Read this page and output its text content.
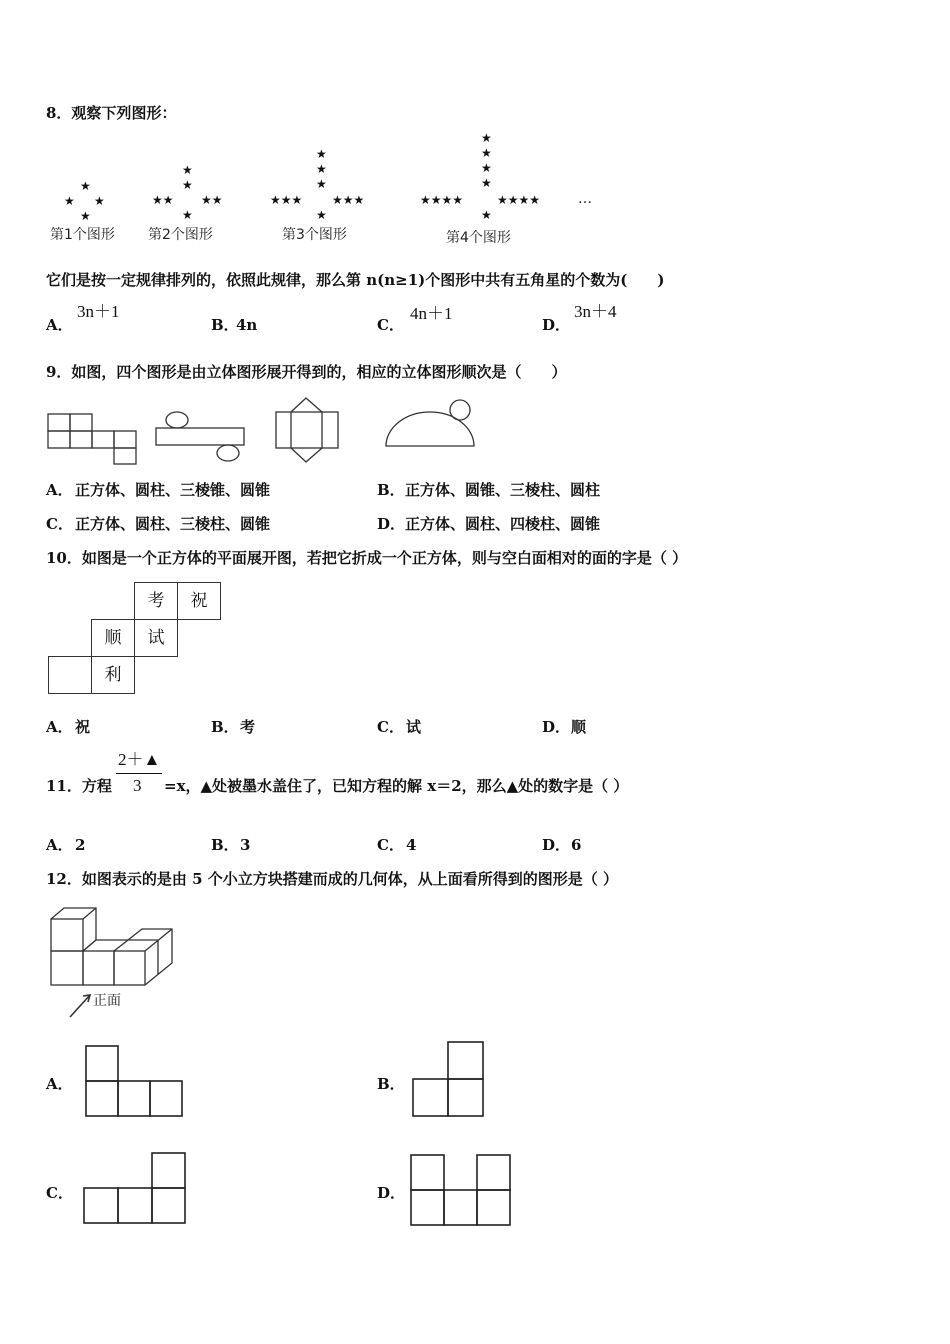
8．观察下列图形：
★
★ ★
★
★
★
★★ ★★
★
★
★
★
★★★ ★★★
★
★
★
★
★
★★★★	★★★★
★
…
第1个图形 第2个图形	第3个图形	第4个图形
它们是按一定规律排列的，依照此规律，那么第 n(n≥1)个图形中共有五角星的个数为(　　)
A．
3n＋1
B．
4n	C．
4n＋1
D．
3n＋4
9．如图，四个图形是由立体图形展开得到的，相应的立体图形顺次是（　　）
A． 正方体、圆柱、三棱锥、圆锥	B． 正方体、圆锥、三棱柱、圆柱
C． 正方体、圆柱、三棱柱、圆锥	D． 正方体、圆柱、四棱柱、圆锥
10．如图是一个正方体的平面展开图，若把它折成一个正方体，则与空白面相对的面的字是（ ）
考	祝
顺	试
利
A． 祝	B． 考	C． 试	D． 顺
11．方程
2＋▲
3 =x，▲处被墨水盖住了，已知方程的解 x＝2，那么▲处的数字是（ ）
A． 2	B． 3	C． 4	D． 6
12．如图表示的是由 5 个小立方块搭建而成的几何体，从上面看所得到的图形是（ ）
正面
A．	B．
C．	D．
